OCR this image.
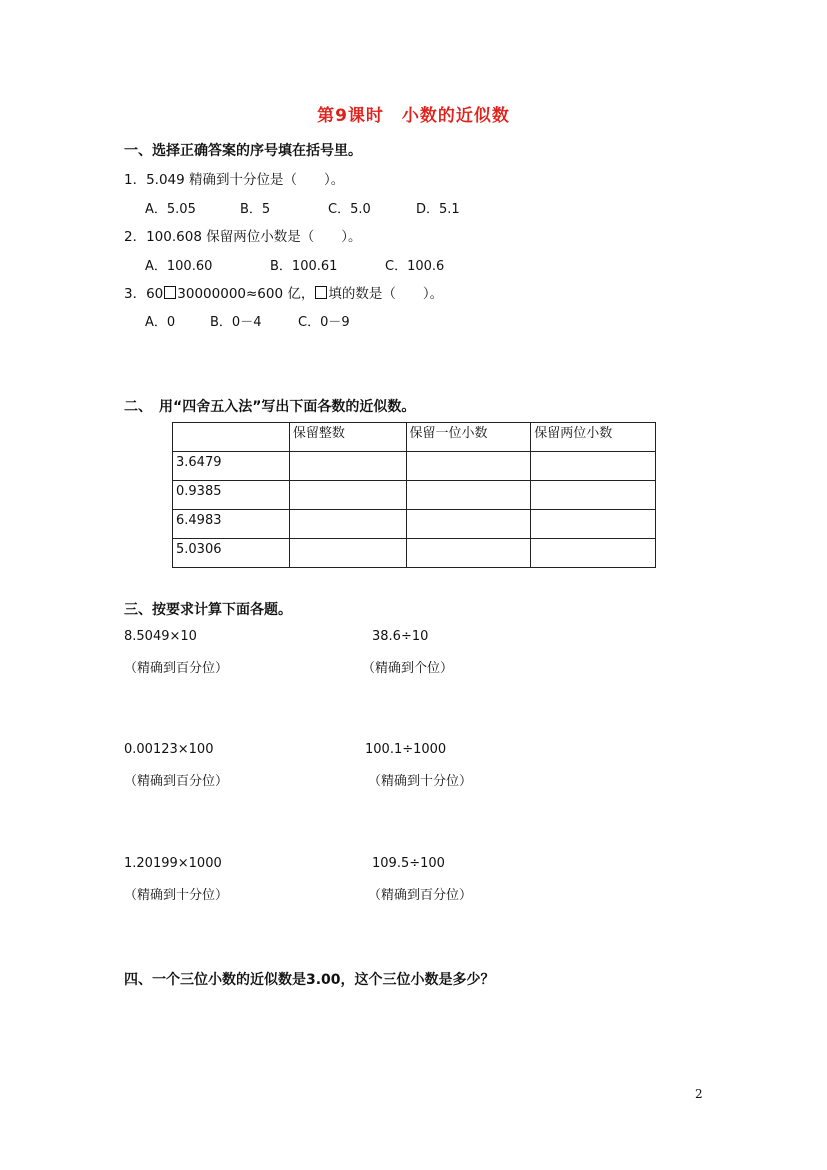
第9课时　小数的近似数
一、选择正确答案的序号填在括号里。
1．5.049 精确到十分位是（　　）。
A．5.05	B．5	C．5.0	D．5.1
2．100.608 保留两位小数是（　　）。
A．100.60	B．100.61	C．100.6
3．60 30000000≈600 亿， 填的数是（　　）。
A．0	B．0－4	C．0－9
二、　用“四舍五入法”写出下面各数的近似数。
	保留整数	保留一位小数	保留两位小数
3.6479			
0.9385			
6.4983			
5.0306			
三、按要求计算下面各题。
8.5049×10
（精确到百分位）
38.6÷10
（精确到个位）
0.00123×100
（精确到百分位）
100.1÷1000
（精确到十分位）
1.20199×1000
（精确到十分位）
109.5÷100
（精确到百分位）
四、一个三位小数的近似数是3.00，这个三位小数是多少？
2
